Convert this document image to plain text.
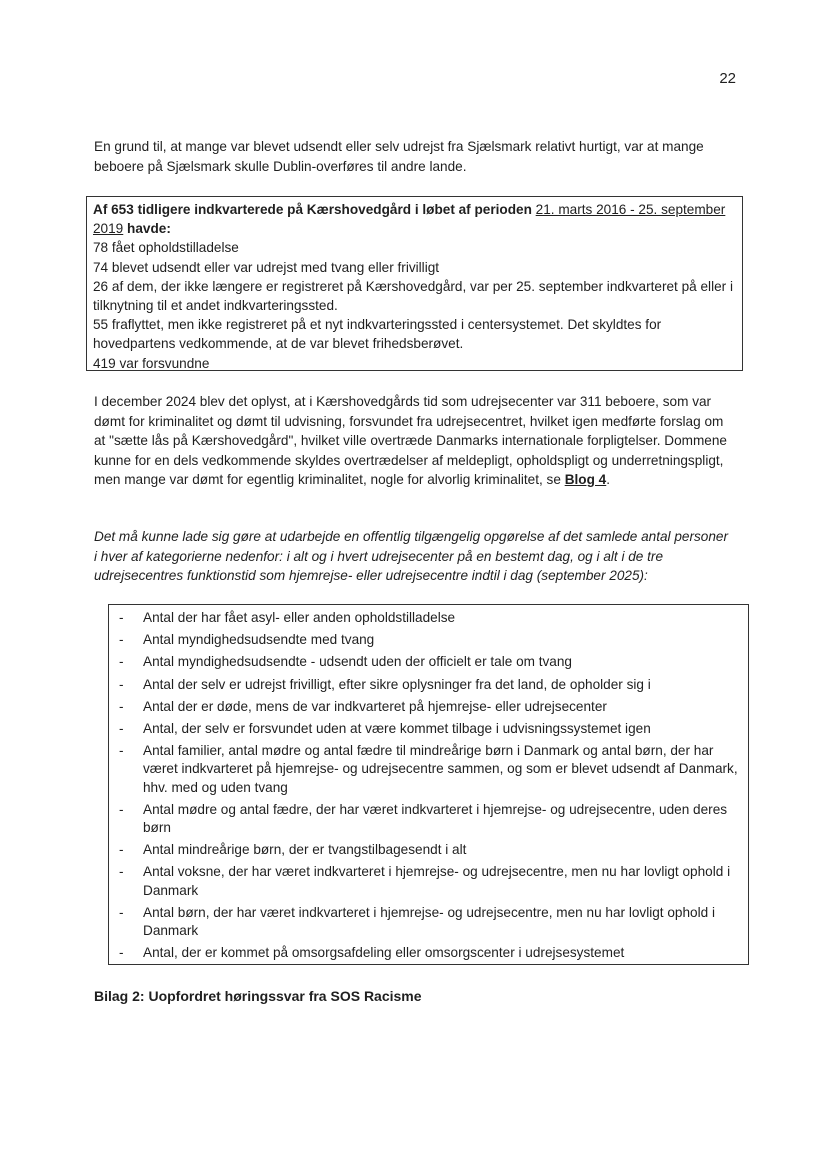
22

En grund til, at mange var blevet udsendt eller selv udrejst fra Sjælsmark relativt hurtigt, var at mange beboere på Sjælsmark skulle Dublin-overføres til andre lande.

Af 653 tidligere indkvarterede på Kærshovedgård i løbet af perioden 21. marts 2016 - 25. september 2019 havde:
78 fået opholdstilladelse
74 blevet udsendt eller var udrejst med tvang eller frivilligt
26 af dem, der ikke længere er registreret på Kærshovedgård, var per 25. september indkvarteret på eller i tilknytning til et andet indkvarteringssted.
55 fraflyttet, men ikke registreret på et nyt indkvarteringssted i centersystemet. Det skyldtes for hovedpartens vedkommende, at de var blevet frihedsberøvet.
419 var forsvundne

I december 2024 blev det oplyst, at i Kærshovedgårds tid som udrejsecenter var 311 beboere, som var dømt for kriminalitet og dømt til udvisning, forsvundet fra udrejsecentret, hvilket igen medførte forslag om at "sætte lås på Kærshovedgård", hvilket ville overtræde Danmarks internationale forpligtelser. Dommene kunne for en dels vedkommende skyldes overtrædelser af meldepligt, opholdspligt og underretningspligt, men mange var dømt for egentlig kriminalitet, nogle for alvorlig kriminalitet, se Blog 4.

Det må kunne lade sig gøre at udarbejde en offentlig tilgængelig opgørelse af det samlede antal personer i hver af kategorierne nedenfor: i alt og i hvert udrejsecenter på en bestemt dag, og i alt i de tre udrejsecentres funktionstid som hjemrejse- eller udrejsecentre indtil i dag (september 2025):

- Antal der har fået asyl- eller anden opholdstilladelse
- Antal myndighedsudsendte med tvang
- Antal myndighedsudsendte - udsendt uden der officielt er tale om tvang
- Antal der selv er udrejst frivilligt, efter sikre oplysninger fra det land, de opholder sig i
- Antal der er døde, mens de var indkvarteret på hjemrejse- eller udrejsecenter
- Antal, der selv er forsvundet uden at være kommet tilbage i udvisningssystemet igen
- Antal familier, antal mødre og antal fædre til mindreårige børn i Danmark og antal børn, der har været indkvarteret på hjemrejse- og udrejsecentre sammen, og som er blevet udsendt af Danmark, hhv. med og uden tvang
- Antal mødre og antal fædre, der har været indkvarteret i hjemrejse- og udrejsecentre, uden deres børn
- Antal mindreårige børn, der er tvangstilbagesendt i alt
- Antal voksne, der har været indkvarteret i hjemrejse- og udrejsecentre, men nu har lovligt ophold i Danmark
- Antal børn, der har været indkvarteret i hjemrejse- og udrejsecentre, men nu har lovligt ophold i Danmark
- Antal, der er kommet på omsorgsafdeling eller omsorgscenter i udrejsesystemet
Bilag 2: Uopfordret høringssvar fra SOS Racisme
